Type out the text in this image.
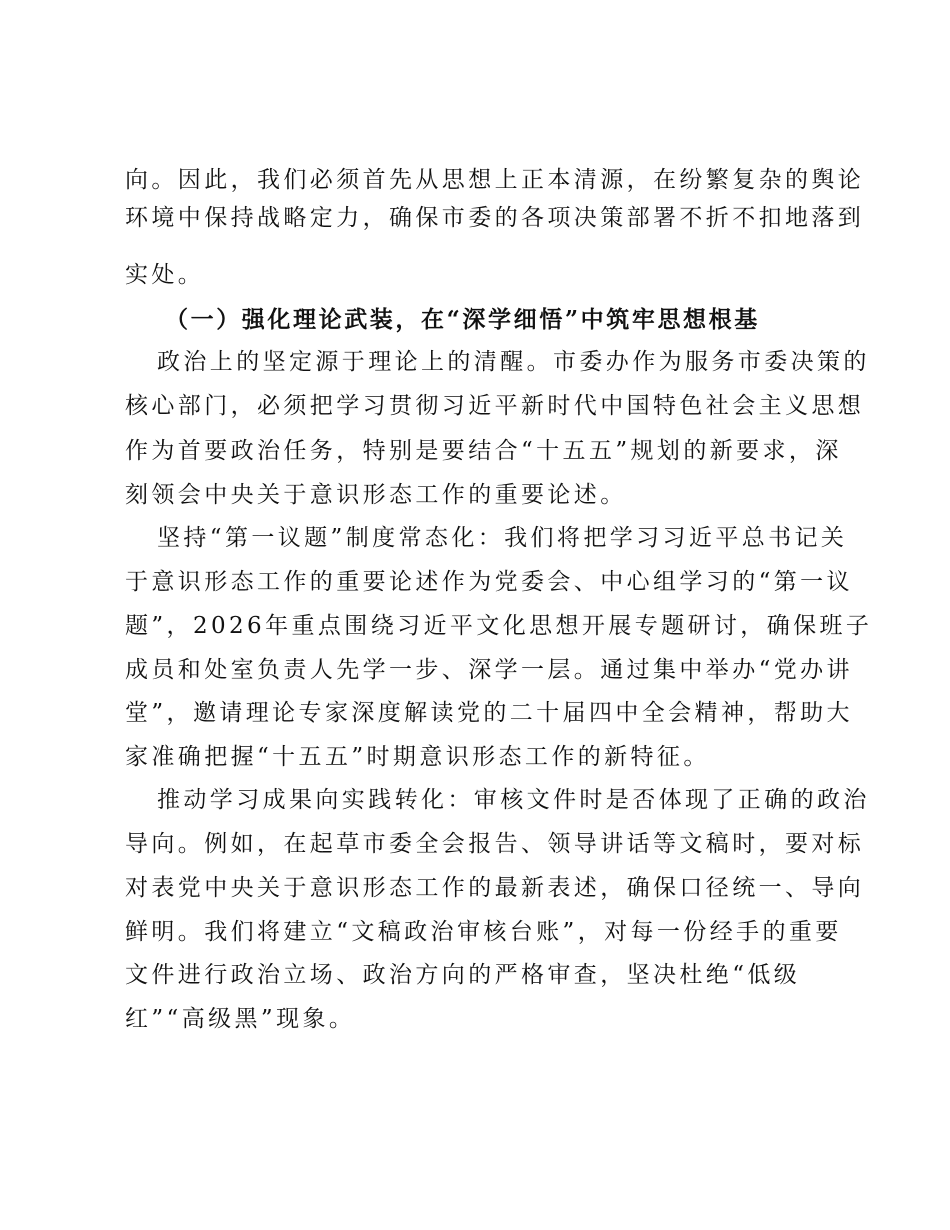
向。因此，我们必须首先从思想上正本清源，在纷繁复杂的舆论
环境中保持战略定力，确保市委的各项决策部署不折不扣地落到
实处。
（一）强化理论武装，在“深学细悟”中筑牢思想根基
政治上的坚定源于理论上的清醒。市委办作为服务市委决策的
核心部门，必须把学习贯彻习近平新时代中国特色社会主义思想
作为首要政治任务，特别是要结合“十五五”规划的新要求，深
刻领会中央关于意识形态工作的重要论述。
坚持“第一议题”制度常态化：我们将把学习习近平总书记关
于意识形态工作的重要论述作为党委会、中心组学习的“第一议
题”，2026年重点围绕习近平文化思想开展专题研讨，确保班子
成员和处室负责人先学一步、深学一层。通过集中举办“党办讲
堂”，邀请理论专家深度解读党的二十届四中全会精神，帮助大
家准确把握“十五五”时期意识形态工作的新特征。
推动学习成果向实践转化：审核文件时是否体现了正确的政治
导向。例如，在起草市委全会报告、领导讲话等文稿时，要对标
对表党中央关于意识形态工作的最新表述，确保口径统一、导向
鲜明。我们将建立“文稿政治审核台账”，对每一份经手的重要
文件进行政治立场、政治方向的严格审查，坚决杜绝“低级
红”“高级黑”现象。
